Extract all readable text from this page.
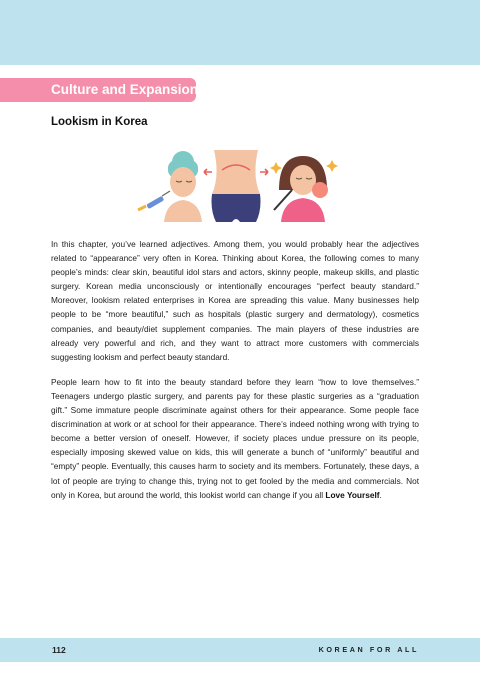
Culture and Expansions
Lookism in Korea

In this chapter, you’ve learned adjectives. Among them, you would probably hear the adjectives related to “appearance” very often in Korea. Thinking about Korea, the following comes to many people’s minds: clear skin, beautiful idol stars and actors, skinny people, makeup skills, and plastic surgery. Korean media unconsciously or intentionally encourages “perfect beauty standard.” Moreover, lookism related enterprises in Korea are spreading this value. Many businesses help people to be “more beautiful,” such as hospitals (plastic surgery and dermatology), cosmetics companies, and beauty/diet supplement companies. The main players of these industries are already very powerful and rich, and they want to attract more customers with commercials suggesting lookism and perfect beauty standard.

People learn how to fit into the beauty standard before they learn “how to love themselves.” Teenagers undergo plastic surgery, and parents pay for these plastic surgeries as a “graduation gift.” Some immature people discriminate against others for their appearance. Some people face discrimination at work or at school for their appearance. There’s indeed nothing wrong with trying to become a better version of oneself. However, if society places undue pressure on its people, especially imposing skewed value on kids, this will generate a bunch of “uniformly” beautiful and “empty” people. Eventually, this causes harm to society and its members. Fortunately, these days, a lot of people are trying to change this, trying not to get fooled by the media and commercials. Not only in Korea, but around the world, this lookist world can change if you all Love Yourself.

112	KOREAN FOR ALL
